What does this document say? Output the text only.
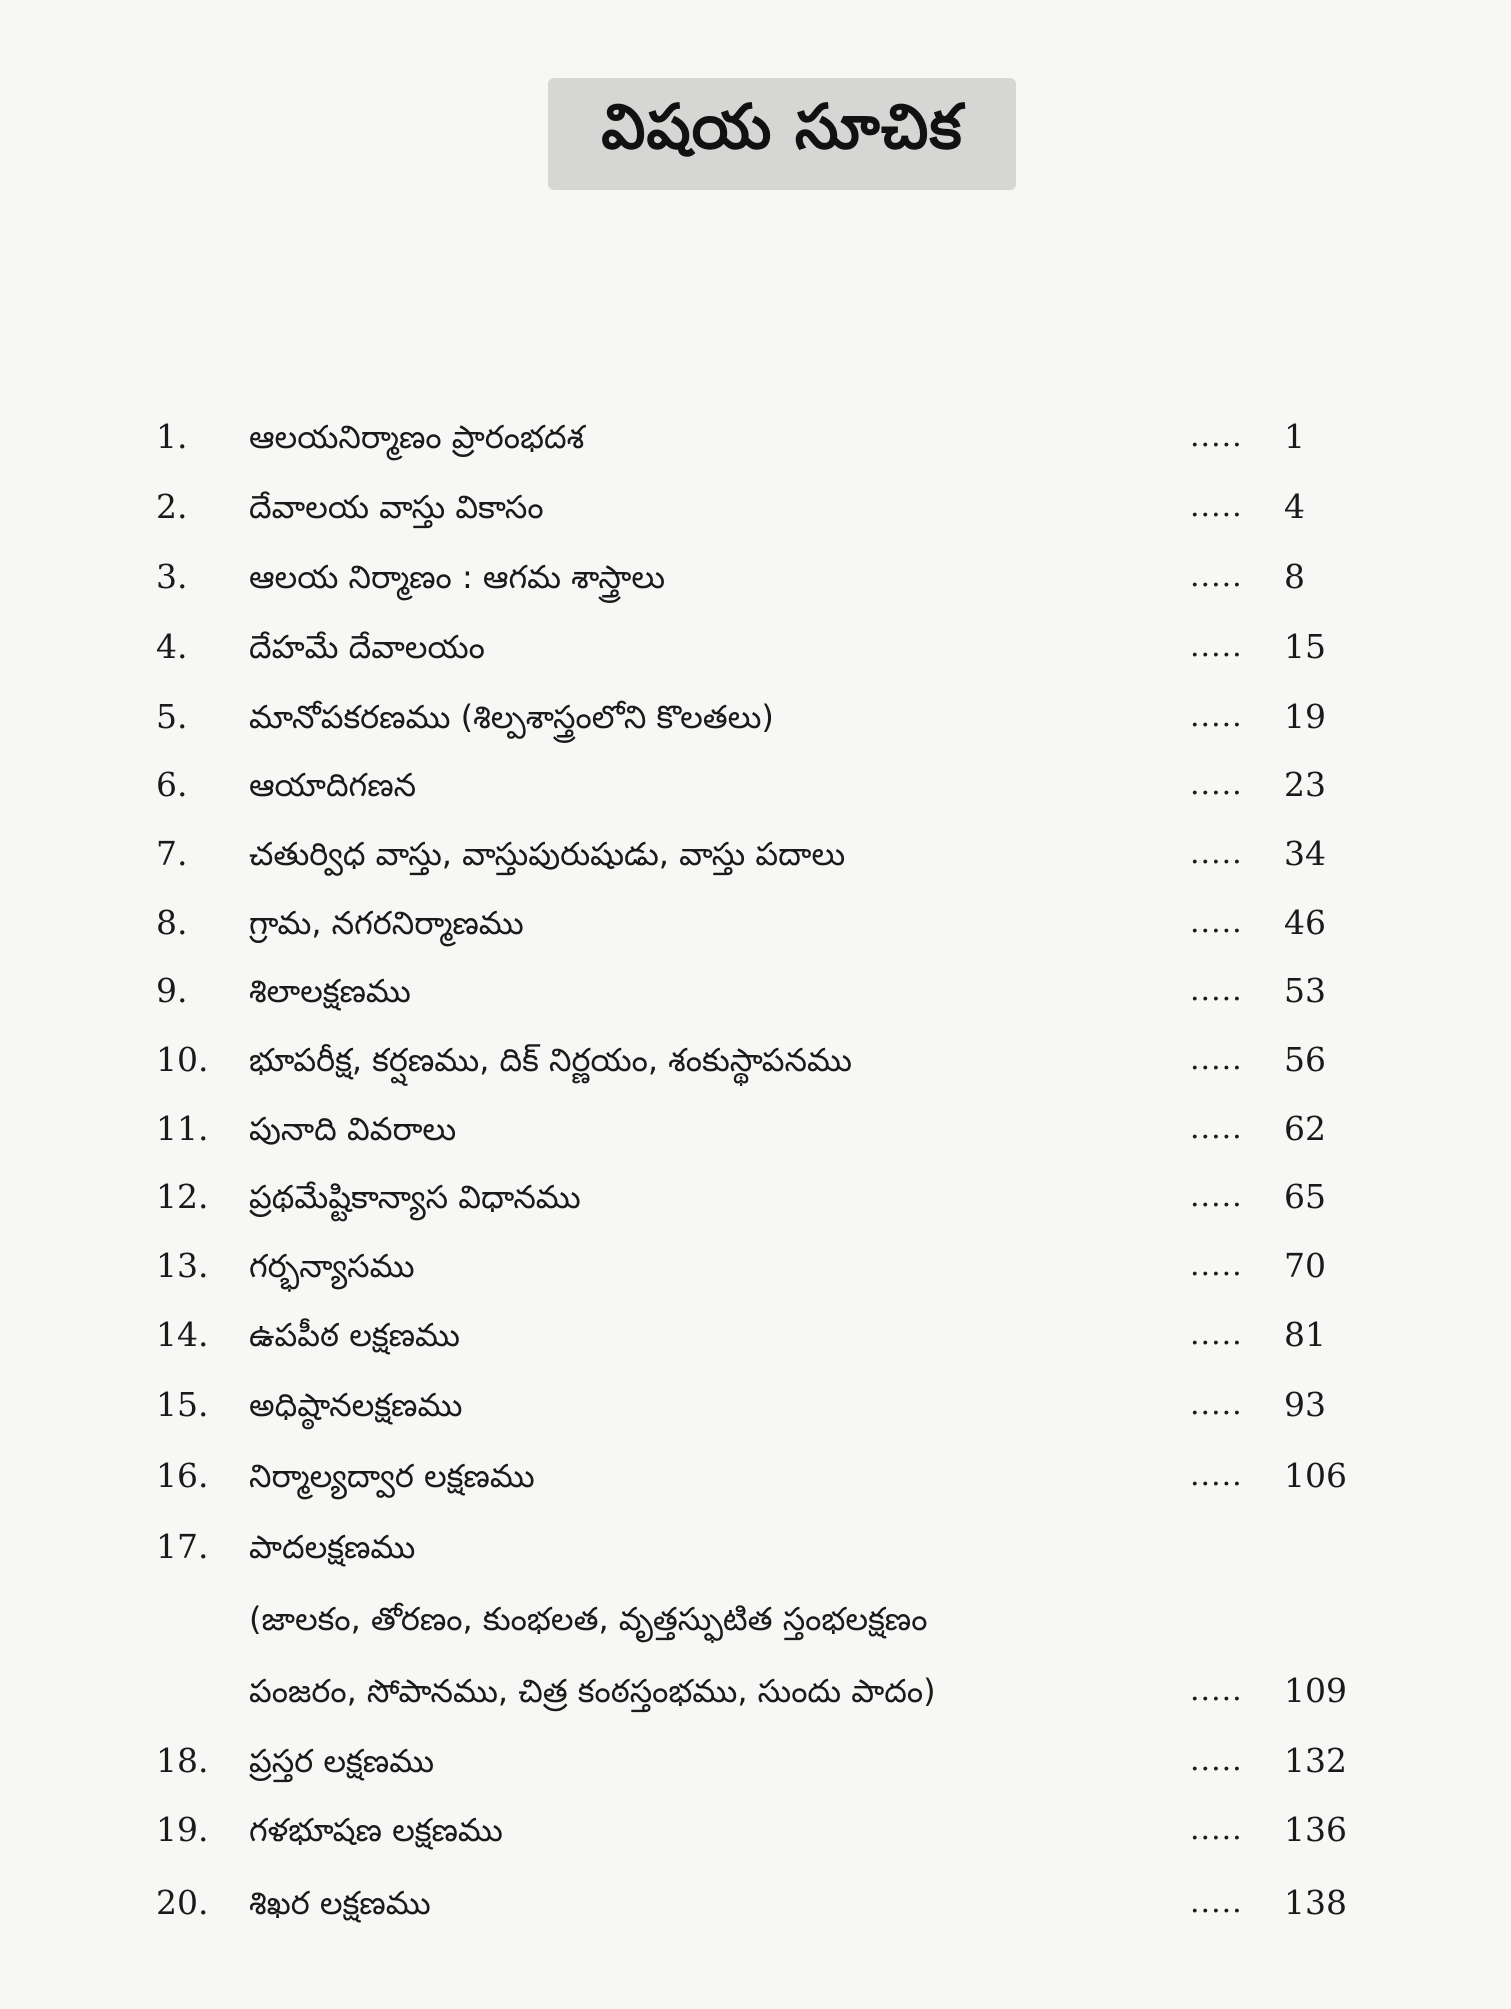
విషయ సూచిక
1. ఆలయనిర్మాణం ప్రారంభదశ	..... 1
2. దేవాలయ వాస్తు వికాసం	..... 4
3. ఆలయ నిర్మాణం : ఆగమ శాస్త్రాలు	..... 8
4. దేహమే దేవాలయం	..... 15
5. మానోపకరణము (శిల్పశాస్త్రంలోని కొలతలు)	..... 19
6. ఆయాదిగణన	..... 23
7. చతుర్విధ వాస్తు, వాస్తుపురుషుడు, వాస్తు పదాలు	..... 34
8. గ్రామ, నగరనిర్మాణము	..... 46
9. శిలాలక్షణము	..... 53
10. భూపరీక్ష, కర్షణము, దిక్ నిర్ణయం, శంకుస్థాపనము	..... 56
11. పునాది వివరాలు	..... 62
12. ప్రథమేష్టికాన్యాస విధానము	..... 65
13. గర్భన్యాసము	..... 70
14. ఉపపీఠ లక్షణము	..... 81
15. అధిష్ఠానలక్షణము	..... 93
16. నిర్మాల్యద్వార లక్షణము	..... 106
17. పాదలక్షణము
(జాలకం, తోరణం, కుంభలత, వృత్తస్ఫుటిత స్తంభలక్షణం
పంజరం, సోపానము, చిత్ర కంఠస్తంభము, సుందు పాదం)	..... 109
18. ప్రస్తర లక్షణము	..... 132
19. గళభూషణ లక్షణము	..... 136
20. శిఖర లక్షణము	..... 138
